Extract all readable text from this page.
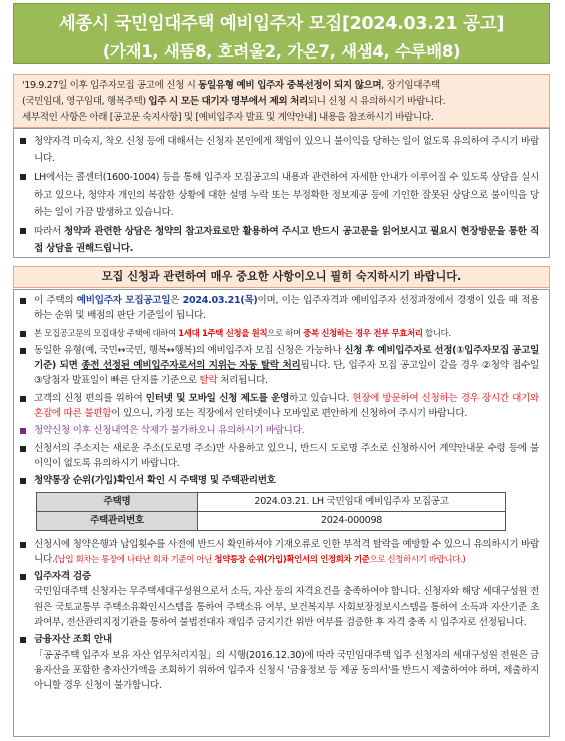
세종시 국민임대주택 예비입주자 모집[2024.03.21 공고]
(가재1, 새뜸8, 호려울2, 가온7, 새샘4, 수루배8)

'19.9.27일 이후 입주자모집 공고에 신청 시 동일유형 예비 입주자 중복선정이 되지 않으며, 장기임대주택

(국민임대, 영구임대, 행복주택) 입주 시 모든 대기자 명부에서 제외 처리되니 신청 시 유의하시기 바랍니다.

세부적인 사항은 아래 [공고문 숙지사항] 및 [예비입주자 발표 및 계약안내] 내용을 참조하시기 바랍니다.

청약자격 미숙지, 착오 신청 등에 대해서는 신청자 본인에게 책임이 있으니 불이익을 당하는 일이 없도록 유의하여 주시기 바랍니다.
LH에서는 콜센터(1600-1004) 등을 통해 입주자 모집공고의 내용과 관련하여 자세한 안내가 이루어질 수 있도록 상담을 실시하고 있으나, 청약자 개인의 복잡한 상황에 대한 설명 누락 또는 부정확한 정보제공 등에 기인한 잘못된 상담으로 불이익을 당하는 일이 가끔 발생하고 있습니다.
따라서 청약과 관련한 상담은 청약의 참고자료로만 활용하여 주시고 반드시 공고문을 읽어보시고 필요시 현장방문을 통한 직접 상담을 권해드립니다.
모집 신청과 관련하여 매우 중요한 사항이오니 필히 숙지하시기 바랍니다.
이 주택의 예비입주자 모집공고일은 2024.03.21(목)이며, 이는 입주자격과 예비입주자 선정과정에서 경쟁이 있을 때 적용하는 순위 및 배점의 판단 기준일이 됩니다.
본 모집공고문의 모집대상 주택에 대하여 1세대 1주택 신청을 원칙으로 하며 중복 신청하는 경우 전부 무효처리 합니다.
동일한 유형(예, 국민↔국민, 행복↔행복)의 예비입주자 모집 신청은 가능하나 신청 후 예비입주자로 선정(①입주자모집 공고일 기준) 되면 종전 선정된 예비입주자로서의 지위는 자동 탈락 처리됩니다. 단, 입주자 모집 공고일이 같을 경우 ②청약 접수일 ③당첨자 발표일이 빠른 단지를 기준으로 탈락 처리됩니다.
고객의 신청 편의를 위하여 인터넷 및 모바일 신청 제도를 운영하고 있습니다. 현장에 방문하여 신청하는 경우 장시간 대기와 혼잡에 따른 불편함이 있으니, 가정 또는 직장에서 인터넷이나 모바일로 편안하게 신청하여 주시기 바랍니다.
청약신청 이후 신청내역은 삭제가 불가하오니 유의하시기 바랍니다.
신청서의 주소지는 새로운 주소(도로명 주소)만 사용하고 있으니, 반드시 도로명 주소로 신청하시어 계약안내문 수령 등에 불이익이 없도록 유의하시기 바랍니다.
청약통장 순위(가입)확인서 확인 시 주택명 및 주택관리번호
주택명	2024.03.21. LH 국민임대 예비입주자 모집공고
주택관리번호	2024-000098
신청시에 청약은행과 납입횟수를 사전에 반드시 확인하셔야 기재오류로 인한 부적격 탈락을 예방할 수 있으니 유의하시기 바랍니다.(납입 회차는 통장에 나타난 회차 기준이 아닌 청약통장 순위(가입)확인서의 인정회차 기준으로 신청하시기 바랍니다.)
입주자격 검증
국민임대주택 신청자는 무주택세대구성원으로서 소득, 자산 등의 자격요건을 충족하여야 합니다. 신청자와 해당 세대구성원 전원은 국토교통부 주택소유확인시스템을 통하여 주택소유 여부, 보건복지부 사회보장정보시스템을 통하여 소득과 자산기준 초과여부, 전산관리지정기관을 통하여 불법전대자 재입주 금지기간 위반 여부를 검증한 후 자격 충족 시 입주자로 선정됩니다.
금융자산 조회 안내
「공공주택 입주자 보유 자산 업무처리지침」의 시행(2016.12.30)에 따라 국민임대주택 입주 신청자의 세대구성원 전원은 금융자산을 포함한 총자산가액을 조회하기 위하여 입주자 신청시 '금융정보 등 제공 동의서'를 반드시 제출하여야 하며, 제출하지 아니할 경우 신청이 불가합니다.
